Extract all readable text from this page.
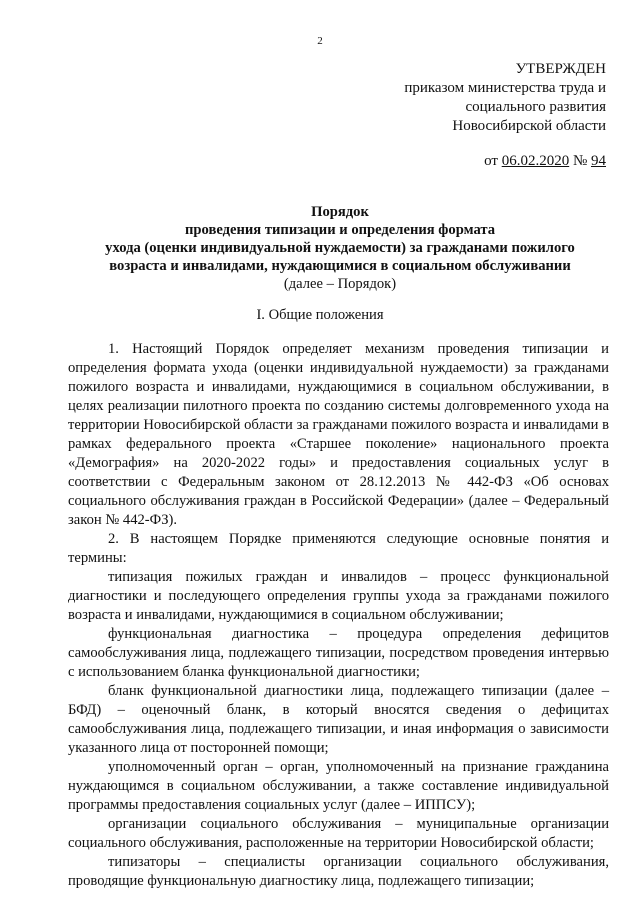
2
УТВЕРЖДЕН
приказом министерства труда и
социального развития
Новосибирской области
от 06.02.2020 № 94
Порядок
проведения типизации и определения формата
ухода (оценки индивидуальной нуждаемости) за гражданами пожилого
возраста и инвалидами, нуждающимися в социальном обслуживании
(далее – Порядок)
I. Общие положения

1. Настоящий Порядок определяет механизм проведения типизации и определения формата ухода (оценки индивидуальной нуждаемости) за гражданами пожилого возраста и инвалидами, нуждающимися в социальном обслуживании, в целях реализации пилотного проекта по созданию системы долговременного ухода на территории Новосибирской области за гражданами пожилого возраста и инвалидами в рамках федерального проекта «Старшее поколение» национального проекта «Демография» на 2020-2022 годы» и предоставления социальных услуг в соответствии с Федеральным законом от 28.12.2013 № 442-ФЗ «Об основах социального обслуживания граждан в Российской Федерации» (далее – Федеральный закон № 442-ФЗ).

2. В настоящем Порядке применяются следующие основные понятия и термины:

типизация пожилых граждан и инвалидов – процесс функциональной диагностики и последующего определения группы ухода за гражданами пожилого возраста и инвалидами, нуждающимися в социальном обслуживании;

функциональная диагностика – процедура определения дефицитов самообслуживания лица, подлежащего типизации, посредством проведения интервью с использованием бланка функциональной диагностики;

бланк функциональной диагностики лица, подлежащего типизации (далее – БФД) – оценочный бланк, в который вносятся сведения о дефицитах самообслуживания лица, подлежащего типизации, и иная информация о зависимости указанного лица от посторонней помощи;

уполномоченный орган – орган, уполномоченный на признание гражданина нуждающимся в социальном обслуживании, а также составление индивидуальной программы предоставления социальных услуг (далее – ИППСУ);

организации социального обслуживания – муниципальные организации социального обслуживания, расположенные на территории Новосибирской области;

типизаторы – специалисты организации социального обслуживания, проводящие функциональную диагностику лица, подлежащего типизации;
